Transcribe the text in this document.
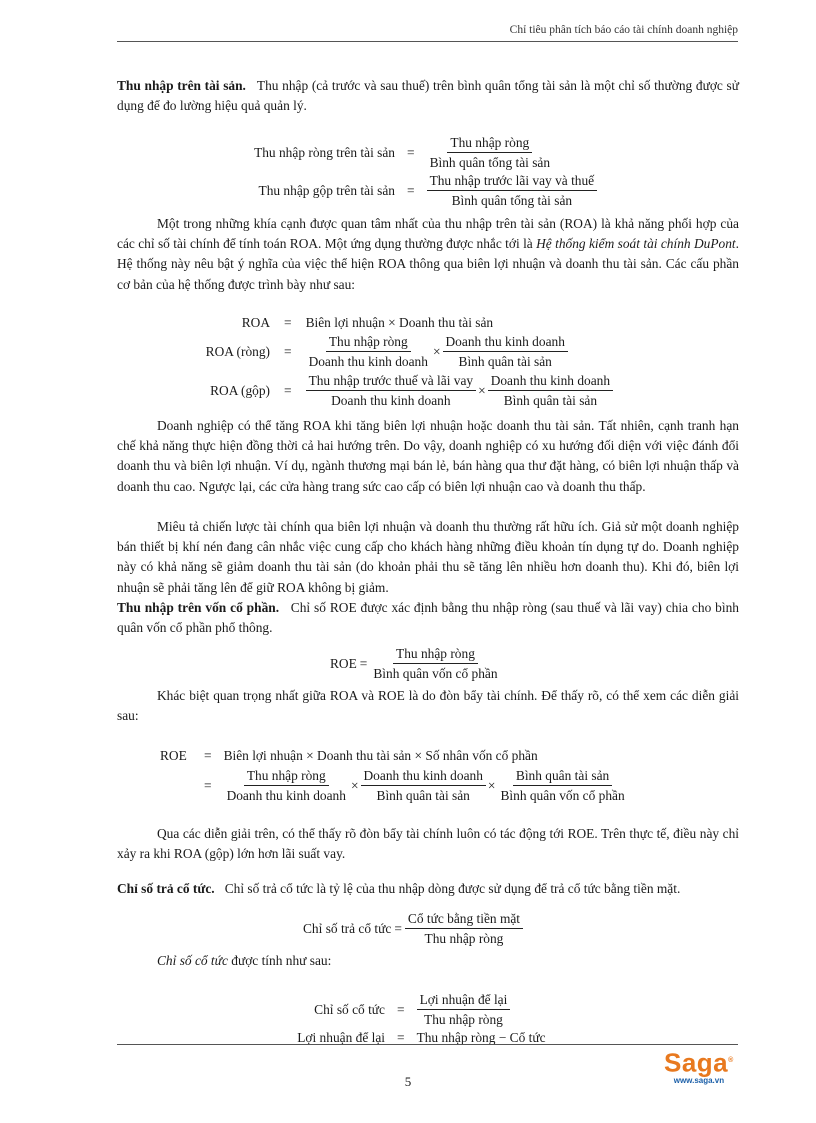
Chỉ tiêu phân tích báo cáo tài chính doanh nghiệp

Thu nhập trên tài sản. Thu nhập (cả trước và sau thuế) trên bình quân tổng tài sản là một chỉ số thường được sử dụng để đo lường hiệu quả quản lý.

Thu nhập ròng trên tài sản = $\frac{\text{Thu nhập ròng}}{\text{Bình quân tổng tài sản}}$
Thu nhập gộp trên tài sản = $\frac{\text{Thu nhập trước lãi vay và thuế}}{\text{Bình quân tổng tài sản}}$

Một trong những khía cạnh được quan tâm nhất của thu nhập trên tài sản (ROA) là khả năng phối hợp của các chỉ số tài chính để tính toán ROA. Một ứng dụng thường được nhắc tới là Hệ thống kiểm soát tài chính DuPont. Hệ thống này nêu bật ý nghĩa của việc thể hiện ROA thông qua biên lợi nhuận và doanh thu tài sản. Các cấu phần cơ bản của hệ thống được trình bày như sau:

ROA	=	Biên lợi nhuận × Doanh thu tài sản
ROA (ròng)	=	$\frac{\text{Thu nhập ròng}}{\text{Doanh thu kinh doanh}} \times \frac{\text{Doanh thu kinh doanh}}{\text{Bình quân tài sản}}$
ROA (gộp)	=	$\frac{\text{Thu nhập trước thuế và lãi vay}}{\text{Doanh thu kinh doanh}} \times \frac{\text{Doanh thu kinh doanh}}{\text{Bình quân tài sản}}$

Doanh nghiệp có thể tăng ROA khi tăng biên lợi nhuận hoặc doanh thu tài sản. Tất nhiên, cạnh tranh hạn chế khả năng thực hiện đồng thời cả hai hướng trên. Do vậy, doanh nghiệp có xu hướng đối diện với việc đánh đổi doanh thu và biên lợi nhuận. Ví dụ, ngành thương mại bán lẻ, bán hàng qua thư đặt hàng, có biên lợi nhuận thấp và doanh thu cao. Ngược lại, các cửa hàng trang sức cao cấp có biên lợi nhuận cao và doanh thu thấp.

Miêu tả chiến lược tài chính qua biên lợi nhuận và doanh thu thường rất hữu ích. Giả sử một doanh nghiệp bán thiết bị khí nén đang cân nhắc việc cung cấp cho khách hàng những điều khoản tín dụng tự do. Doanh nghiệp này có khả năng sẽ giảm doanh thu tài sản (do khoản phải thu sẽ tăng lên nhiều hơn doanh thu). Khi đó, biên lợi nhuận sẽ phải tăng lên để giữ ROA không bị giảm.

Thu nhập trên vốn cổ phần. Chỉ số ROE được xác định bằng thu nhập ròng (sau thuế và lãi vay) chia cho bình quân vốn cổ phần phổ thông.

ROE = $\frac{\text{Thu nhập ròng}}{\text{Bình quân vốn cổ phần}}$

Khác biệt quan trọng nhất giữa ROA và ROE là do đòn bẩy tài chính. Để thấy rõ, có thể xem các diễn giải sau:

ROE	= Biên lợi nhuận × Doanh thu tài sản × Số nhân vốn cổ phần
= $\frac{\text{Thu nhập ròng}}{\text{Doanh thu kinh doanh}} \times \frac{\text{Doanh thu kinh doanh}}{\text{Bình quân tài sản}} \times \frac{\text{Bình quân tài sản}}{\text{Bình quân vốn cổ phần}}$

Qua các diễn giải trên, có thể thấy rõ đòn bẩy tài chính luôn có tác động tới ROE. Trên thực tế, điều này chỉ xảy ra khi ROA (gộp) lớn hơn lãi suất vay.

Chỉ số trả cổ tức. Chỉ số trả cổ tức là tỷ lệ của thu nhập dòng được sử dụng để trả cổ tức bằng tiền mặt.

Chỉ số trả cổ tức = $\frac{\text{Cổ tức bằng tiền mặt}}{\text{Thu nhập ròng}}$

Chỉ số cổ tức được tính như sau:

Chỉ số cổ tức = $\frac{\text{Lợi nhuận để lại}}{\text{Thu nhập ròng}}$
Lợi nhuận để lại = Thu nhập ròng − Cổ tức
5
Saga®
www.saga.vn
